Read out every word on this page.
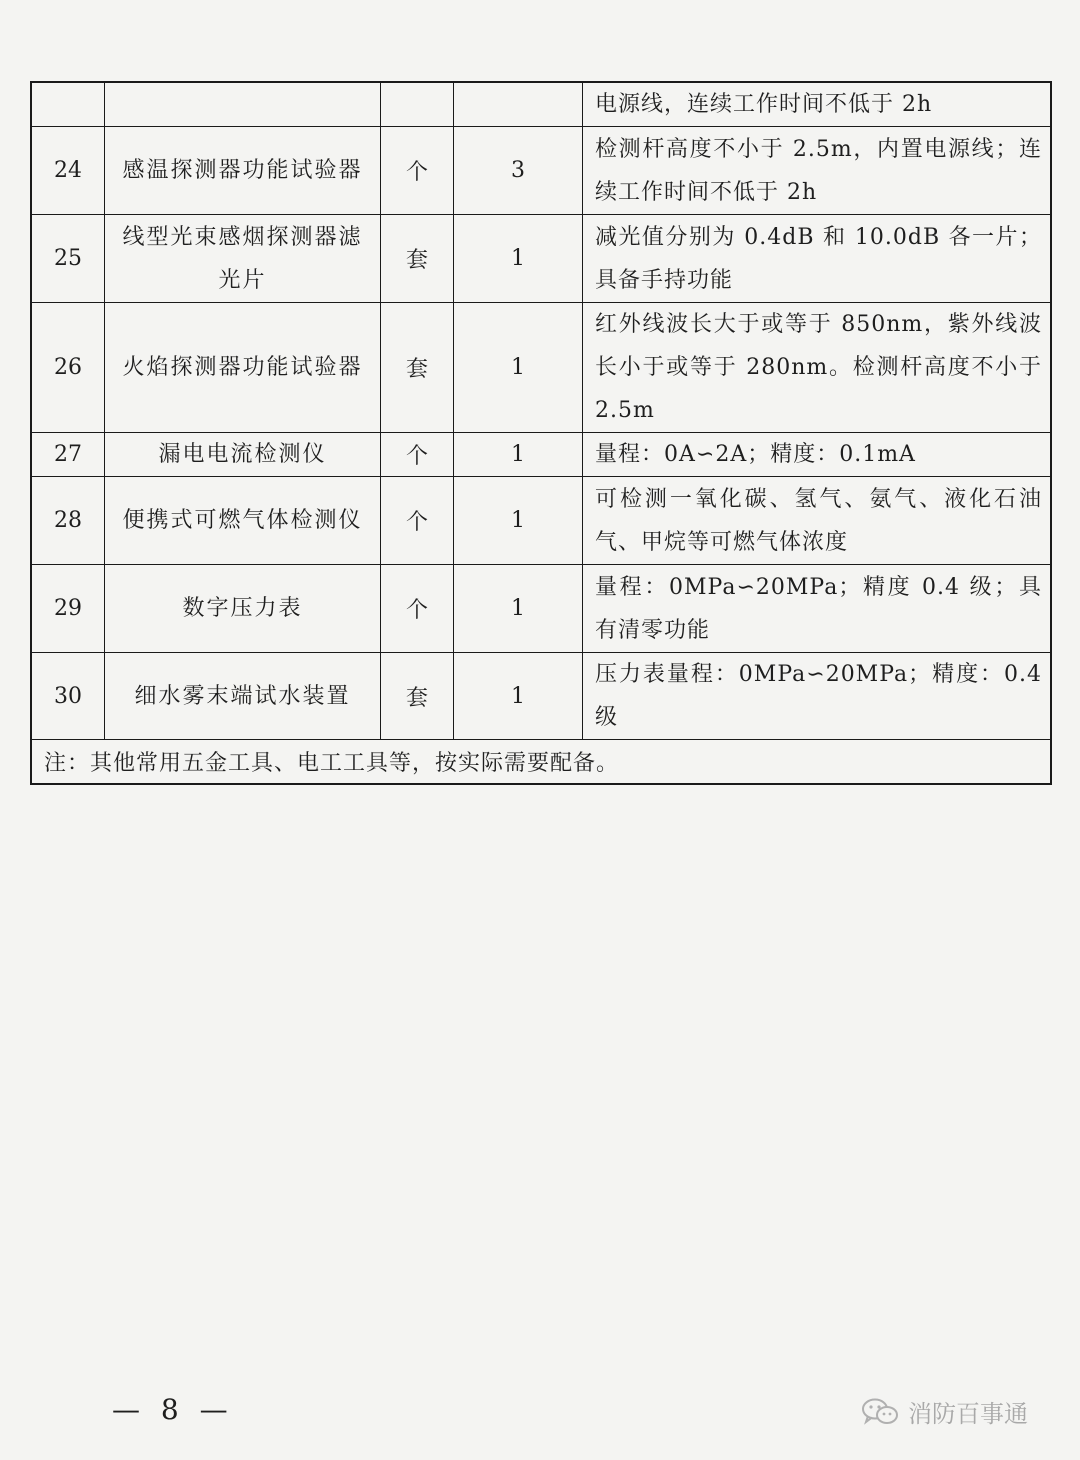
				电源线，连续工作时间不低于 2h
24	感温探测器功能试验器	个	3	检测杆高度不小于 2.5m，内置电源线；连续工作时间不低于 2h
25	线型光束感烟探测器滤光片	套	1	减光值分别为 0.4dB 和 10.0dB 各一片；具备手持功能
26	火焰探测器功能试验器	套	1	红外线波长大于或等于 850nm，紫外线波长小于或等于 280nm。检测杆高度不小于 2.5m
27	漏电电流检测仪	个	1	量程：0A∽2A；精度：0.1mA
28	便携式可燃气体检测仪	个	1	可检测一氧化碳、氢气、氨气、液化石油气、甲烷等可燃气体浓度
29	数字压力表	个	1	量程：0MPa∽20MPa；精度 0.4 级；具有清零功能
30	细水雾末端试水装置	套	1	压力表量程：0MPa∽20MPa；精度：0.4 级
注：其他常用五金工具、电工工具等，按实际需要配备。				
— 8 —	消防百事通
